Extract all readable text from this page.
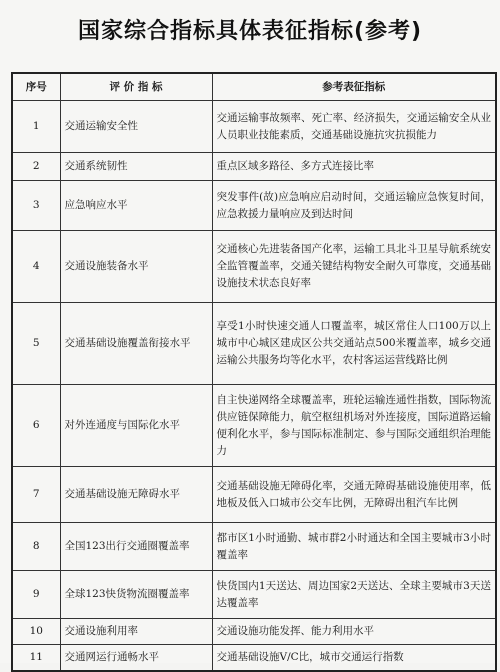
国家综合指标具体表征指标(参考)
序号	评 价 指 标	参考表征指标
1	交通运输安全性	交通运输事故频率、死亡率、经济损失，交通运输安全从业人员职业技能素质，交通基础设施抗灾抗损能力
2	交通系统韧性	重点区域多路径、多方式连接比率
3	应急响应水平	突发事件(故)应急响应启动时间，交通运输应急恢复时间，应急救援力量响应及到达时间
4	交通设施装备水平	交通核心先进装备国产化率，运输工具北斗卫星导航系统安全监管覆盖率，交通关键结构物安全耐久可靠度，交通基础设施技术状态良好率
5	交通基础设施覆盖衔接水平	享受1小时快速交通人口覆盖率，城区常住人口100万以上城市中心城区建成区公共交通站点500米覆盖率，城乡交通运输公共服务均等化水平，农村客运运营线路比例
6	对外连通度与国际化水平	自主快递网络全球覆盖率，班轮运输连通性指数，国际物流供应链保障能力，航空枢纽机场对外连接度，国际道路运输便利化水平，参与国际标准制定、参与国际交通组织治理能力
7	交通基础设施无障碍水平	交通基础设施无障碍化率，交通无障碍基础设施使用率，低地板及低入口城市公交车比例，无障碍出租汽车比例
8	全国123出行交通圈覆盖率	都市区1小时通勤、城市群2小时通达和全国主要城市3小时覆盖率
9	全球123快货物流圈覆盖率	快货国内1天送达、周边国家2天送达、全球主要城市3天送达覆盖率
10	交通设施利用率	交通设施功能发挥、能力利用水平
11	交通网运行通畅水平	交通基础设施V/C比，城市交通运行指数
